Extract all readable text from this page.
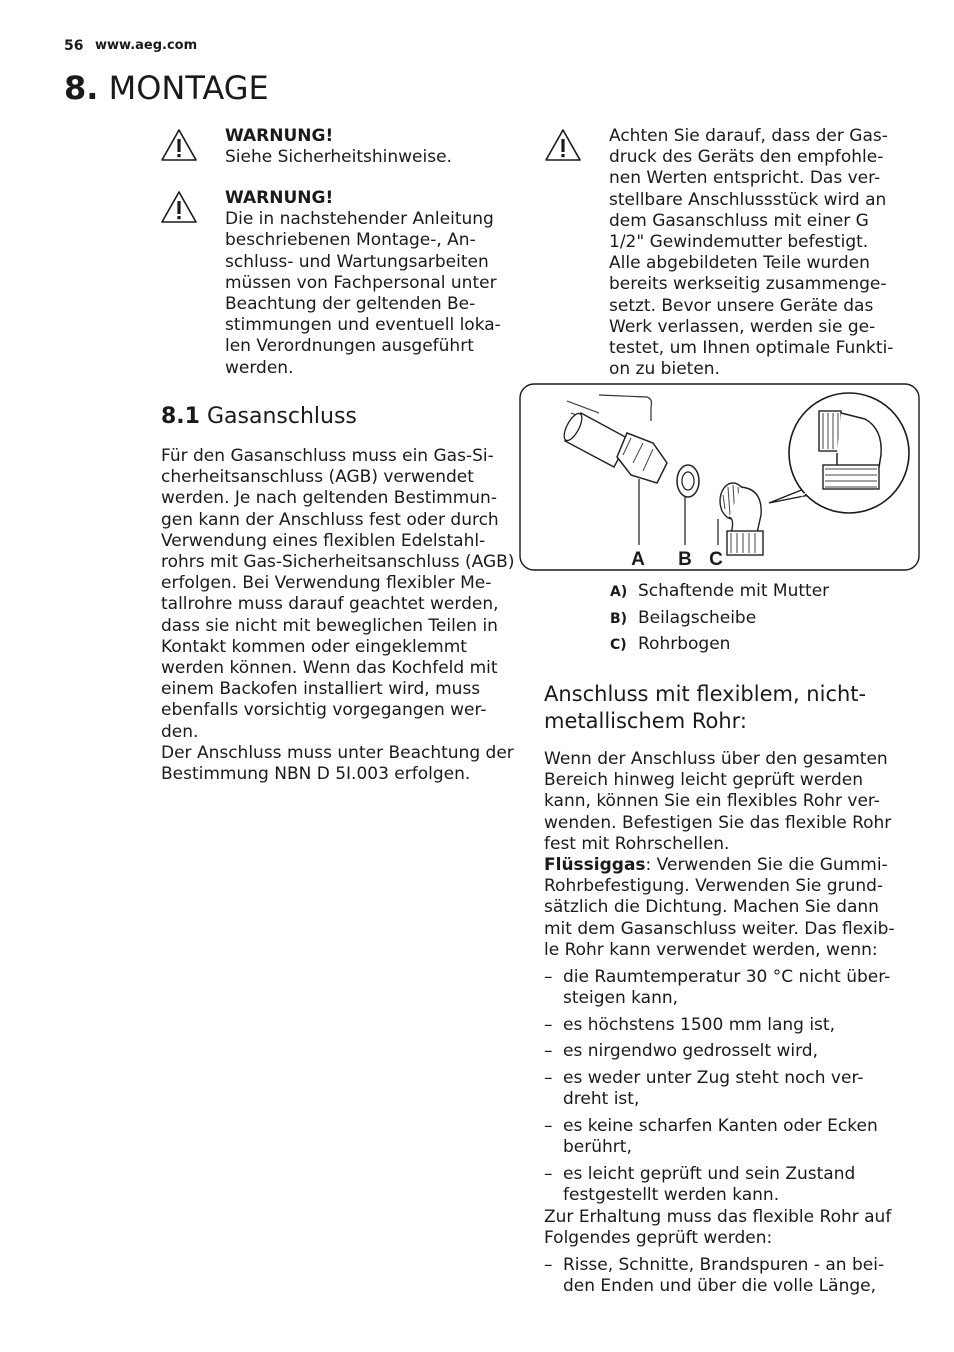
56 www.aeg.com
8. MONTAGE
WARNUNG!
Siehe Sicherheitshinweise.
WARNUNG!
Die in nachstehender Anleitung
beschriebenen Montage-, An-
schluss- und Wartungsarbeiten
müssen von Fachpersonal unter
Beachtung der geltenden Be-
stimmungen und eventuell loka-
len Verordnungen ausgeführt
werden.
8.1 Gasanschluss
Für den Gasanschluss muss ein Gas-Si-
cherheitsanschluss (AGB) verwendet
werden. Je nach geltenden Bestimmun-
gen kann der Anschluss fest oder durch
Verwendung eines flexiblen Edelstahl-
rohrs mit Gas-Sicherheitsanschluss (AGB)
erfolgen. Bei Verwendung flexibler Me-
tallrohre muss darauf geachtet werden,
dass sie nicht mit beweglichen Teilen in
Kontakt kommen oder eingeklemmt
werden können. Wenn das Kochfeld mit
einem Backofen installiert wird, muss
ebenfalls vorsichtig vorgegangen wer-
den.
Der Anschluss muss unter Beachtung der
Bestimmung NBN D 5I.003 erfolgen.
Achten Sie darauf, dass der Gas-
druck des Geräts den empfohle-
nen Werten entspricht. Das ver-
stellbare Anschlussstück wird an
dem Gasanschluss mit einer G
1/2" Gewindemutter befestigt.
Alle abgebildeten Teile wurden
bereits werkseitig zusammenge-
setzt. Bevor unsere Geräte das
Werk verlassen, werden sie ge-
testet, um Ihnen optimale Funkti-
on zu bieten.
A B C
A) Schaftende mit Mutter
B) Beilagscheibe
C) Rohrbogen
Anschluss mit flexiblem, nicht-
metallischem Rohr:
Wenn der Anschluss über den gesamten
Bereich hinweg leicht geprüft werden
kann, können Sie ein flexibles Rohr ver-
wenden. Befestigen Sie das flexible Rohr
fest mit Rohrschellen.
Flüssiggas: Verwenden Sie die Gummi-
Rohrbefestigung. Verwenden Sie grund-
sätzlich die Dichtung. Machen Sie dann
mit dem Gasanschluss weiter. Das flexib-
le Rohr kann verwendet werden, wenn:
– die Raumtemperatur 30 °C nicht über-
steigen kann,
– es höchstens 1500 mm lang ist,
– es nirgendwo gedrosselt wird,
– es weder unter Zug steht noch ver-
dreht ist,
– es keine scharfen Kanten oder Ecken
berührt,
– es leicht geprüft und sein Zustand
festgestellt werden kann.
Zur Erhaltung muss das flexible Rohr auf
Folgendes geprüft werden:
– Risse, Schnitte, Brandspuren - an bei-
den Enden und über die volle Länge,
